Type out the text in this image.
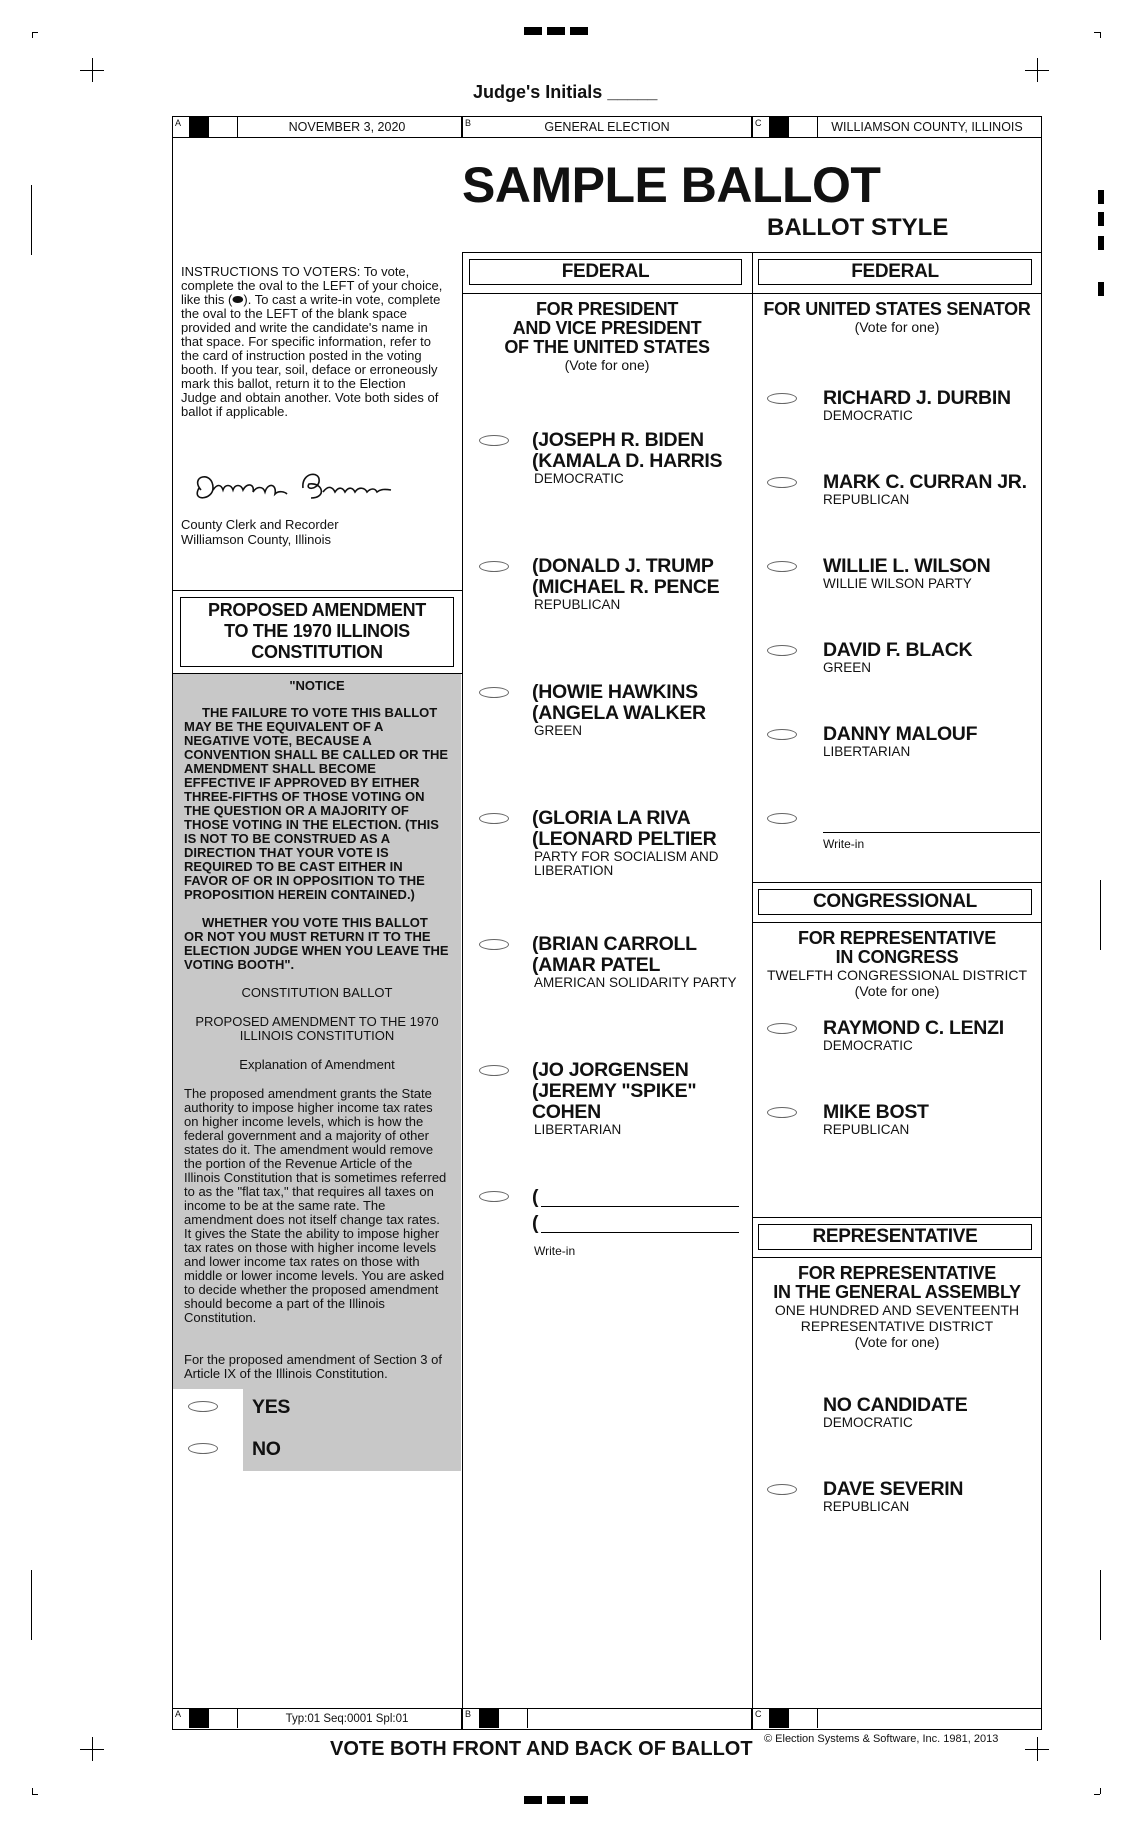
Judge's Initials _____
A	NOVEMBER 3, 2020	B	GENERAL ELECTION	C	WILLIAMSON COUNTY, ILLINOIS
SAMPLE BALLOT
BALLOT STYLE
INSTRUCTIONS TO VOTERS: To vote, complete the oval to the LEFT of your choice, like this (⬬). To cast a write-in vote, complete the oval to the LEFT of the blank space provided and write the candidate's name in that space. For specific information, refer to the card of instruction posted in the voting booth. If you tear, soil, deface or erroneously mark this ballot, return it to the Election Judge and obtain another. Vote both sides of ballot if applicable.
County Clerk and Recorder
Williamson County, Illinois
PROPOSED AMENDMENT
TO THE 1970 ILLINOIS
CONSTITUTION
"NOTICE
THE FAILURE TO VOTE THIS BALLOT MAY BE THE EQUIVALENT OF A NEGATIVE VOTE, BECAUSE A CONVENTION SHALL BE CALLED OR THE AMENDMENT SHALL BECOME EFFECTIVE IF APPROVED BY EITHER THREE-FIFTHS OF THOSE VOTING ON THE QUESTION OR A MAJORITY OF THOSE VOTING IN THE ELECTION. (THIS IS NOT TO BE CONSTRUED AS A DIRECTION THAT YOUR VOTE IS REQUIRED TO BE CAST EITHER IN FAVOR OF OR IN OPPOSITION TO THE PROPOSITION HEREIN CONTAINED.)
WHETHER YOU VOTE THIS BALLOT OR NOT YOU MUST RETURN IT TO THE ELECTION JUDGE WHEN YOU LEAVE THE VOTING BOOTH".
CONSTITUTION BALLOT
PROPOSED AMENDMENT TO THE 1970 ILLINOIS CONSTITUTION
Explanation of Amendment
The proposed amendment grants the State authority to impose higher income tax rates on higher income levels, which is how the federal government and a majority of other states do it. The amendment would remove the portion of the Revenue Article of the Illinois Constitution that is sometimes referred to as the "flat tax," that requires all taxes on income to be at the same rate. The amendment does not itself change tax rates. It gives the State the ability to impose higher tax rates on those with higher income levels and lower income tax rates on those with middle or lower income levels. You are asked to decide whether the proposed amendment should become a part of the Illinois Constitution.
For the proposed amendment of Section 3 of Article IX of the Illinois Constitution.
YES
NO
FEDERAL
FOR PRESIDENT
AND VICE PRESIDENT
OF THE UNITED STATES
(Vote for one)
(JOSEPH R. BIDEN
(KAMALA D. HARRIS
DEMOCRATIC
(DONALD J. TRUMP
(MICHAEL R. PENCE
REPUBLICAN
(HOWIE HAWKINS
(ANGELA WALKER
GREEN
(GLORIA LA RIVA
(LEONARD PELTIER
PARTY FOR SOCIALISM AND LIBERATION
(BRIAN CARROLL
(AMAR PATEL
AMERICAN SOLIDARITY PARTY
(JO JORGENSEN
(JEREMY "SPIKE"
COHEN
LIBERTARIAN
(
(
Write-in
FEDERAL
FOR UNITED STATES SENATOR
(Vote for one)
RICHARD J. DURBIN
DEMOCRATIC
MARK C. CURRAN JR.
REPUBLICAN
WILLIE L. WILSON
WILLIE WILSON PARTY
DAVID F. BLACK
GREEN
DANNY MALOUF
LIBERTARIAN
Write-in
CONGRESSIONAL
FOR REPRESENTATIVE
IN CONGRESS
TWELFTH CONGRESSIONAL DISTRICT
(Vote for one)
RAYMOND C. LENZI
DEMOCRATIC
MIKE BOST
REPUBLICAN
REPRESENTATIVE
FOR REPRESENTATIVE
IN THE GENERAL ASSEMBLY
ONE HUNDRED AND SEVENTEENTH
REPRESENTATIVE DISTRICT
(Vote for one)
NO CANDIDATE
DEMOCRATIC
DAVE SEVERIN
REPUBLICAN
A	Typ:01 Seq:0001 Spl:01	B	C
© Election Systems & Software, Inc. 1981, 2013
VOTE BOTH FRONT AND BACK OF BALLOT
